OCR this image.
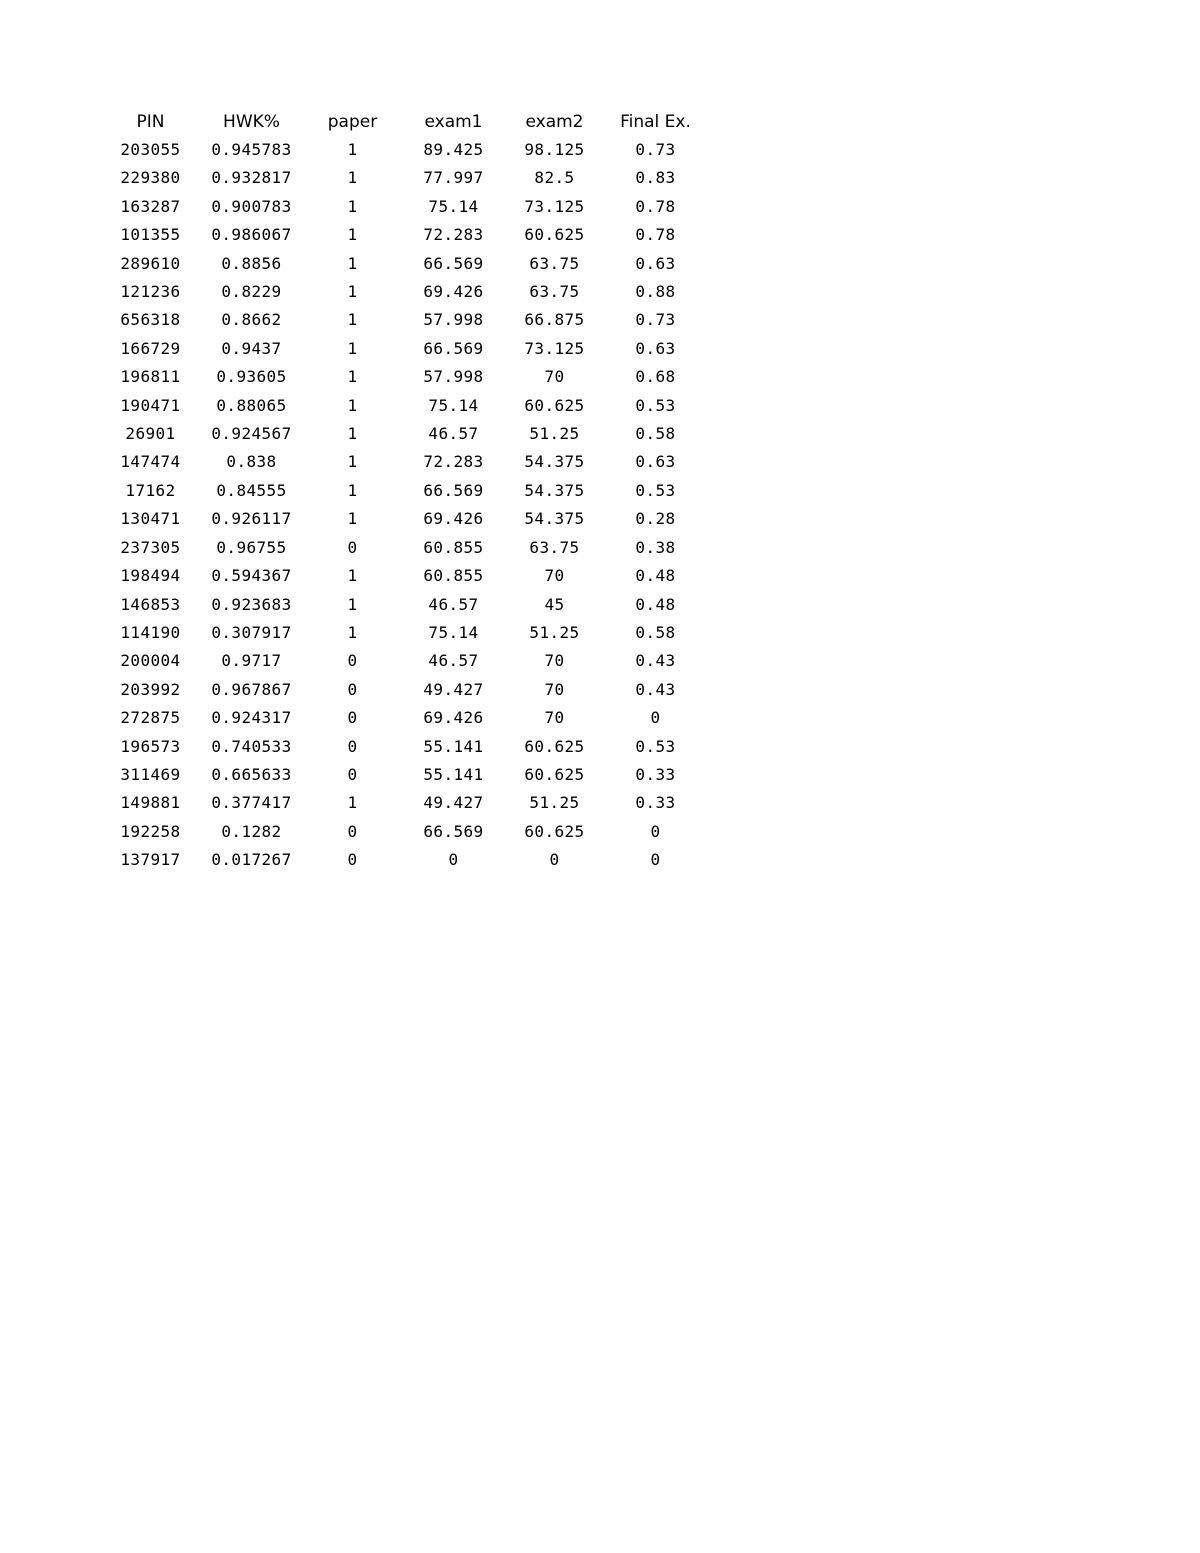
PIN	HWK%	paper	exam1	exam2	Final Ex.
203055	0.945783	1	89.425	98.125	0.73
229380	0.932817	1	77.997	82.5	0.83
163287	0.900783	1	75.14	73.125	0.78
101355	0.986067	1	72.283	60.625	0.78
289610	0.8856	1	66.569	63.75	0.63
121236	0.8229	1	69.426	63.75	0.88
656318	0.8662	1	57.998	66.875	0.73
166729	0.9437	1	66.569	73.125	0.63
196811	0.93605	1	57.998	70	0.68
190471	0.88065	1	75.14	60.625	0.53
26901	0.924567	1	46.57	51.25	0.58
147474	0.838	1	72.283	54.375	0.63
17162	0.84555	1	66.569	54.375	0.53
130471	0.926117	1	69.426	54.375	0.28
237305	0.96755	0	60.855	63.75	0.38
198494	0.594367	1	60.855	70	0.48
146853	0.923683	1	46.57	45	0.48
114190	0.307917	1	75.14	51.25	0.58
200004	0.9717	0	46.57	70	0.43
203992	0.967867	0	49.427	70	0.43
272875	0.924317	0	69.426	70	0
196573	0.740533	0	55.141	60.625	0.53
311469	0.665633	0	55.141	60.625	0.33
149881	0.377417	1	49.427	51.25	0.33
192258	0.1282	0	66.569	60.625	0
137917	0.017267	0	0	0	0
